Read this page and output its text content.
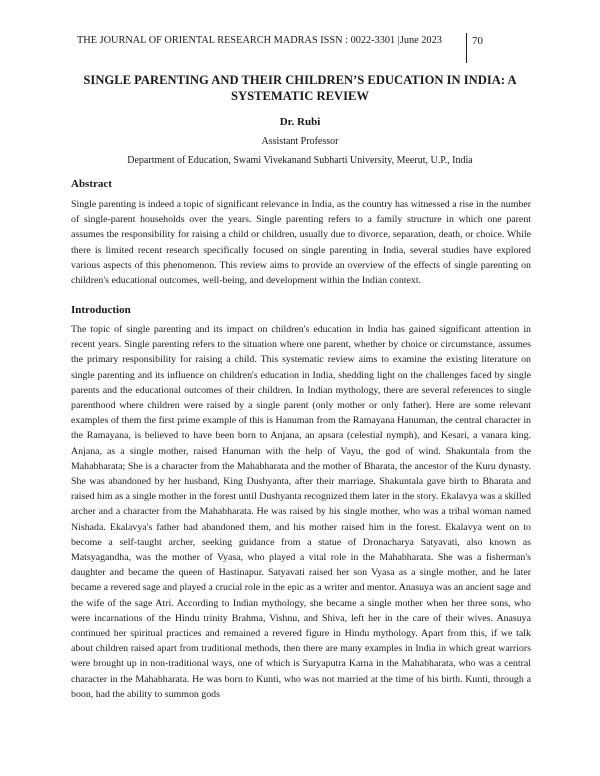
THE JOURNAL OF ORIENTAL RESEARCH MADRAS ISSN : 0022-3301 |June 2023	70
SINGLE PARENTING AND THEIR CHILDREN’S EDUCATION IN INDIA: A SYSTEMATIC REVIEW
Dr. Rubi
Assistant Professor
Department of Education, Swami Vivekanand Subharti University, Meerut, U.P., India
Abstract

Single parenting is indeed a topic of significant relevance in India, as the country has witnessed a rise in the number of single-parent households over the years. Single parenting refers to a family structure in which one parent assumes the responsibility for raising a child or children, usually due to divorce, separation, death, or choice. While there is limited recent research specifically focused on single parenting in India, several studies have explored various aspects of this phenomenon. This review aims to provide an overview of the effects of single parenting on children's educational outcomes, well-being, and development within the Indian context.

Introduction

The topic of single parenting and its impact on children's education in India has gained significant attention in recent years. Single parenting refers to the situation where one parent, whether by choice or circumstance, assumes the primary responsibility for raising a child. This systematic review aims to examine the existing literature on single parenting and its influence on children's education in India, shedding light on the challenges faced by single parents and the educational outcomes of their children. In Indian mythology, there are several references to single parenthood where children were raised by a single parent (only mother or only father). Here are some relevant examples of them the first prime example of this is Hanuman from the Ramayana Hanuman, the central character in the Ramayana, is believed to have been born to Anjana, an apsara (celestial nymph), and Kesari, a vanara king. Anjana, as a single mother, raised Hanuman with the help of Vayu, the god of wind. Shakuntala from the Mahabharata; She is a character from the Mahabharata and the mother of Bharata, the ancestor of the Kuru dynasty. She was abandoned by her husband, King Dushyanta, after their marriage. Shakuntala gave birth to Bharata and raised him as a single mother in the forest until Dushyanta recognized them later in the story. Ekalavya was a skilled archer and a character from the Mahabharata. He was raised by his single mother, who was a tribal woman named Nishada. Ekalavya's father had abandoned them, and his mother raised him in the forest. Ekalavya went on to become a self-taught archer, seeking guidance from a statue of Dronacharya Satyavati, also known as Matsyagandha, was the mother of Vyasa, who played a vital role in the Mahabharata. She was a fisherman's daughter and became the queen of Hastinapur. Satyavati raised her son Vyasa as a single mother, and he later became a revered sage and played a crucial role in the epic as a writer and mentor. Anasuya was an ancient sage and the wife of the sage Atri. According to Indian mythology, she became a single mother when her three sons, who were incarnations of the Hindu trinity Brahma, Vishnu, and Shiva, left her in the care of their wives. Anasuya continued her spiritual practices and remained a revered figure in Hindu mythology. Apart from this, if we talk about children raised apart from traditional methods, then there are many examples in India in which great warriors were brought up in non-traditional ways, one of which is Suryaputra Karna in the Mahabharata, who was a central character in the Mahabharata. He was born to Kunti, who was not married at the time of his birth. Kunti, through a boon, had the ability to summon gods
